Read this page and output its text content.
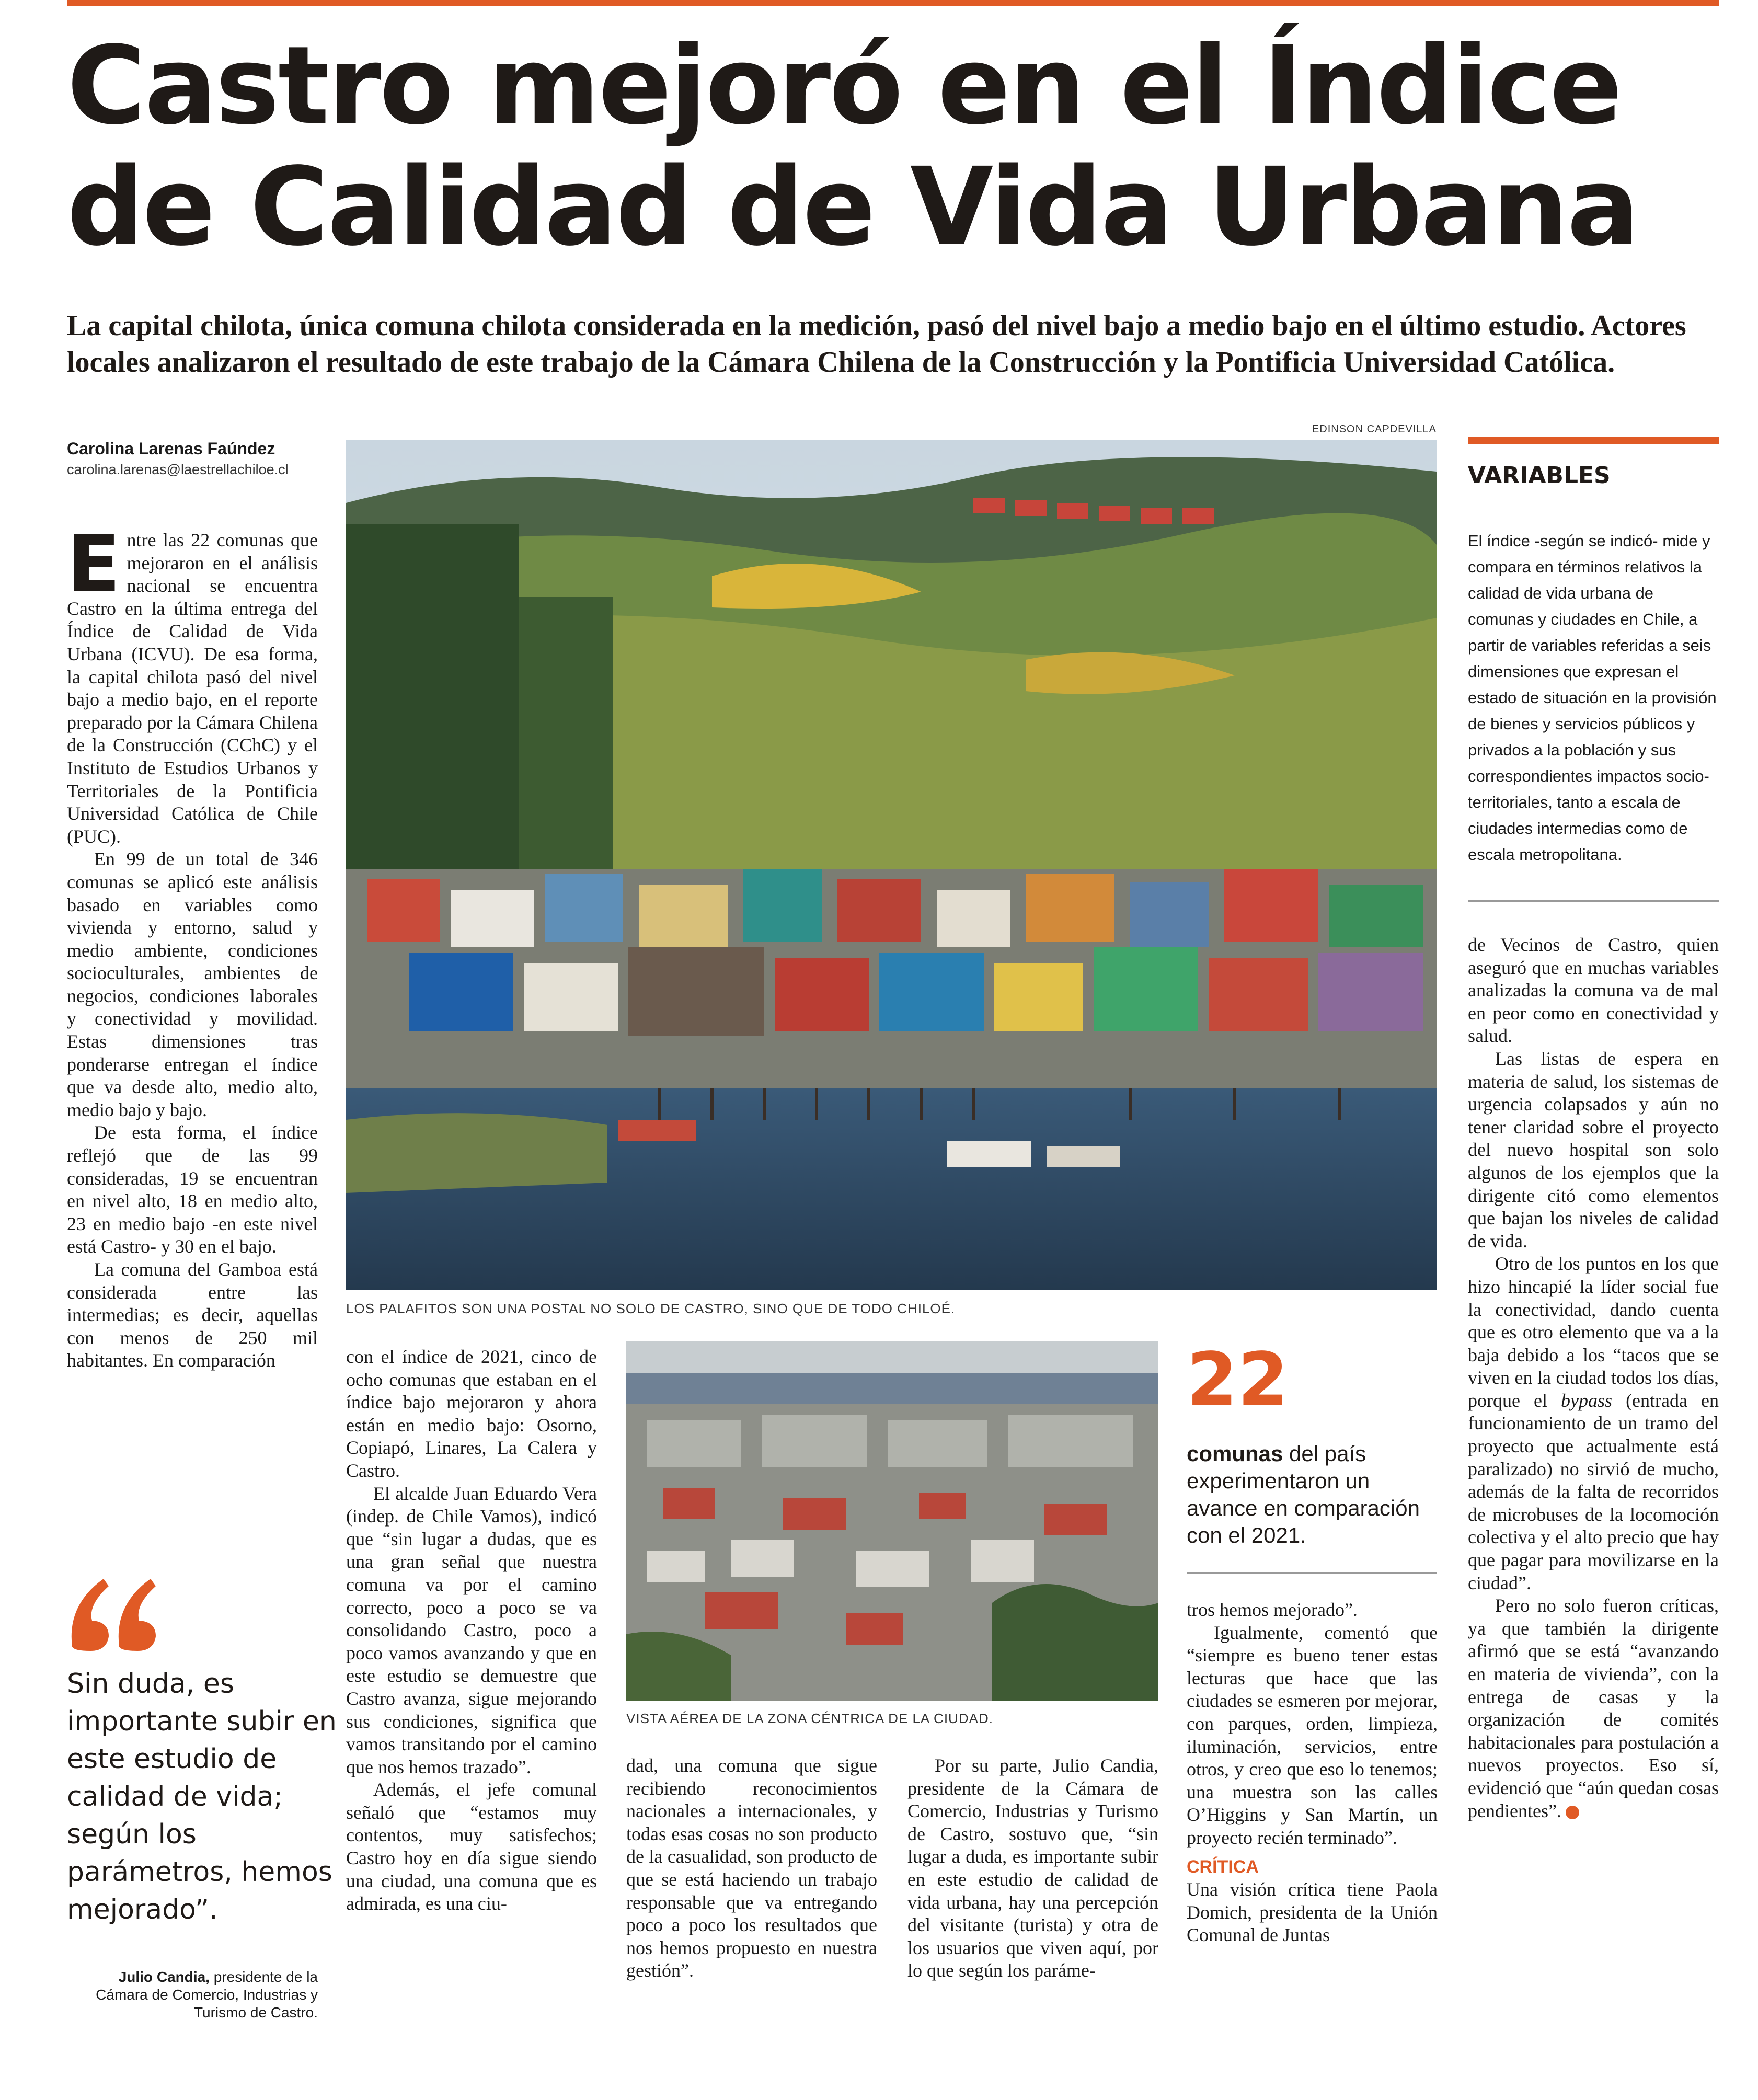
Castro mejoró en el Índice
de Calidad de Vida Urbana
La capital chilota, única comuna chilota considerada en la medición, pasó del nivel bajo a medio bajo en el último estudio. Actores locales analizaron el resultado de este trabajo de la Cámara Chilena de la Construcción y la Pontificia Universidad Católica.
Carolina Larenas Faúndez
carolina.larenas@laestrellachiloe.cl
EDINSON CAPDEVILLA
LOS PALAFITOS SON UNA POSTAL NO SOLO DE CASTRO, SINO QUE DE TODO CHILOÉ.

Entre las 22 comunas que mejoraron en el análisis nacional se encuentra Castro en la última entrega del Índice de Calidad de Vida Urbana (ICVU). De esa forma, la capital chilota pasó del nivel bajo a medio bajo, en el reporte preparado por la Cámara Chilena de la Construcción (CChC) y el Instituto de Estudios Urbanos y Territoriales de la Pontificia Universidad Católica de Chile (PUC).

En 99 de un total de 346 comunas se aplicó este análisis basado en variables como vivienda y entorno, salud y medio ambiente, condiciones socioculturales, ambientes de negocios, condiciones laborales y conectividad y movilidad. Estas dimensiones tras ponderarse entregan el índice que va desde alto, medio alto, medio bajo y bajo.

De esta forma, el índice reflejó que de las 99 consideradas, 19 se encuentran en nivel alto, 18 en medio alto, 23 en medio bajo -en este nivel está Castro- y 30 en el bajo.

La comuna del Gamboa está considerada entre las intermedias; es decir, aquellas con menos de 250 mil habitantes. En comparación

Sin duda, es importante subir en este estudio de calidad de vida; según los parámetros, hemos mejorado”.
Julio Candia, presidente de la Cámara de Comercio, Industrias y Turismo de Castro.

con el índice de 2021, cinco de ocho comunas que estaban en el índice bajo mejoraron y ahora están en medio bajo: Osorno, Copiapó, Linares, La Calera y Castro.

El alcalde Juan Eduardo Vera (indep. de Chile Vamos), indicó que “sin lugar a dudas, que es una gran señal que nuestra comuna va por el camino correcto, poco a poco se va consolidando Castro, poco a poco vamos avanzando y que en este estudio se demuestre que Castro avanza, sigue mejorando sus condiciones, significa que vamos transitando por el camino que nos hemos trazado”.

Además, el jefe comunal señaló que “estamos muy contentos, muy satisfechos; Castro hoy en día sigue siendo una ciudad, una comuna que es admirada, es una ciu-

VISTA AÉREA DE LA ZONA CÉNTRICA DE LA CIUDAD.

dad, una comuna que sigue recibiendo reconocimientos nacionales a internacionales, y todas esas cosas no son producto de la casualidad, son producto de que se está haciendo un trabajo responsable que va entregando poco a poco los resultados que nos hemos propuesto en nuestra gestión”.

Por su parte, Julio Candia, presidente de la Cámara de Comercio, Industrias y Turismo de Castro, sostuvo que, “sin lugar a duda, es importante subir en este estudio de calidad de vida urbana, hay una percepción del visitante (turista) y otra de los usuarios que viven aquí, por lo que según los paráme-

22
comunas del país experimentaron un avance en comparación con el 2021.

tros hemos mejorado”.

Igualmente, comentó que “siempre es bueno tener estas lecturas que hace que las ciudades se esmeren por mejorar, con parques, orden, limpieza, iluminación, servicios, entre otros, y creo que eso lo tenemos; una muestra son las calles O’Higgins y San Martín, un proyecto recién terminado”.

CRÍTICA

Una visión crítica tiene Paola Domich, presidenta de la Unión Comunal de Juntas

VARIABLES
El índice -según se indicó- mide y compara en términos relativos la calidad de vida urbana de comunas y ciudades en Chile, a partir de variables referidas a seis dimensiones que expresan el estado de situación en la provisión de bienes y servicios públicos y privados a la población y sus correspondientes impactos socio-territoriales, tanto a escala de ciudades intermedias como de escala metropolitana.

de Vecinos de Castro, quien aseguró que en muchas variables analizadas la comuna va de mal en peor como en conectividad y salud.

Las listas de espera en materia de salud, los sistemas de urgencia colapsados y aún no tener claridad sobre el proyecto del nuevo hospital son solo algunos de los ejemplos que la dirigente citó como elementos que bajan los niveles de calidad de vida.

Otro de los puntos en los que hizo hincapié la líder social fue la conectividad, dando cuenta que es otro elemento que va a la baja debido a los “tacos que se viven en la ciudad todos los días, porque el bypass (entrada en funcionamiento de un tramo del proyecto que actualmente está paralizado) no sirvió de mucho, además de la falta de recorridos de microbuses de la locomoción colectiva y el alto precio que hay que pagar para movilizarse en la ciudad”.

Pero no solo fueron críticas, ya que también la dirigente afirmó que se está “avanzando en materia de vivienda”, con la entrega de casas y la organización de comités habitacionales para postulación a nuevos proyectos. Eso sí, evidenció que “aún quedan cosas pendientes”.
